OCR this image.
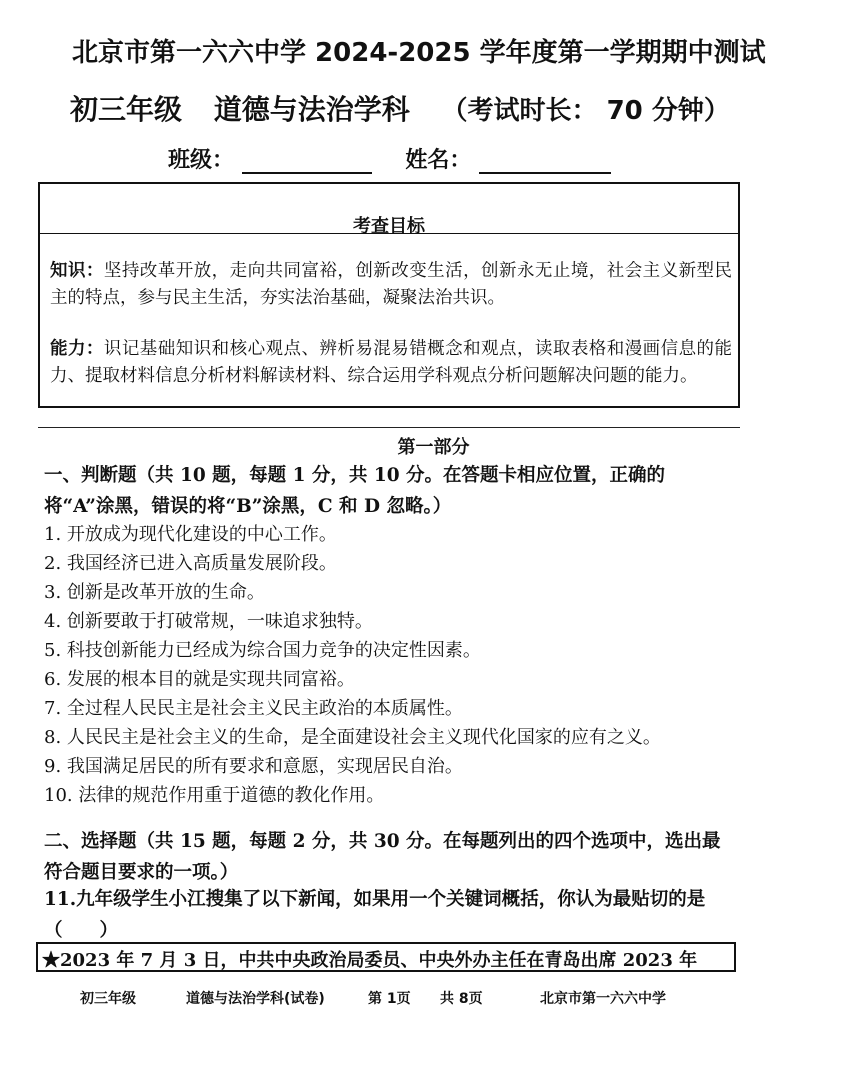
北京市第一六六中学 2024-2025 学年度第一学期期中测试
初三年级 道德与法治学科 （考试时长： 70 分钟）
班级：	姓名：
考查目标
知识：坚持改革开放，走向共同富裕，创新改变生活，创新永无止境，社会主义新型民主的特点，参与民主生活，夯实法治基础，凝聚法治共识。
能力：识记基础知识和核心观点、辨析易混易错概念和观点，读取表格和漫画信息的能力、提取材料信息分析材料解读材料、综合运用学科观点分析问题解决问题的能力。
第一部分
一、判断题（共 10 题，每题 1 分，共 10 分。在答题卡相应位置，正确的将“A”涂黑，错误的将“B”涂黑，C 和 D 忽略。）
1. 开放成为现代化建设的中心工作。
2. 我国经济已进入高质量发展阶段。
3. 创新是改革开放的生命。
4. 创新要敢于打破常规，一味追求独特。
5. 科技创新能力已经成为综合国力竞争的决定性因素。
6. 发展的根本目的就是实现共同富裕。
7. 全过程人民民主是社会主义民主政治的本质属性。
8. 人民民主是社会主义的生命，是全面建设社会主义现代化国家的应有之义。
9. 我国满足居民的所有要求和意愿，实现居民自治。
10. 法律的规范作用重于道德的教化作用。
二、选择题（共 15 题，每题 2 分，共 30 分。在每题列出的四个选项中，选出最符合题目要求的一项。）
11.九年级学生小江搜集了以下新闻，如果用一个关键词概括，你认为最贴切的是（　　）
★2023 年 7 月 3 日，中共中央政治局委员、中央外办主任在青岛出席 2023 年
初三年级	道德与法治学科(试卷)	第 1页 共 8页	北京市第一六六中学
